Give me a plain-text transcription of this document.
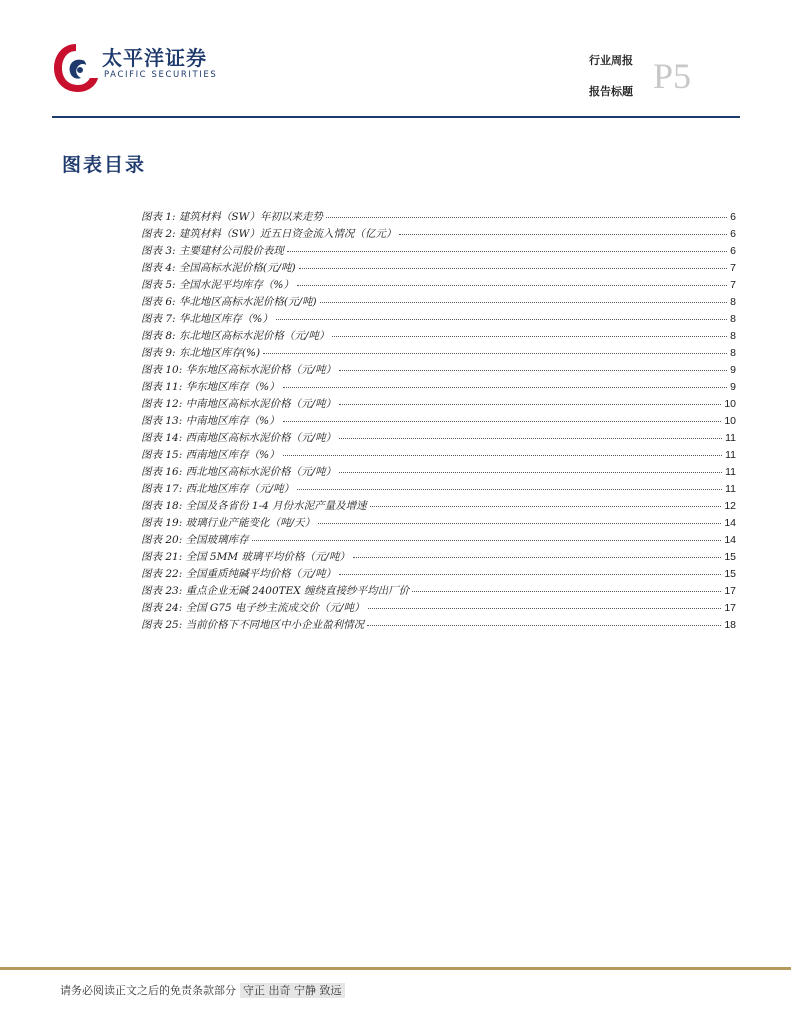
太平洋证券
PACIFIC SECURITIES
行业周报
报告标题 P5
图表目录
图表 1: 建筑材料（SW）年初以来走势	6
图表 2: 建筑材料（SW）近五日资金流入情况（亿元）	6
图表 3: 主要建材公司股价表现	6
图表 4: 全国高标水泥价格(元/吨)	7
图表 5: 全国水泥平均库存（%）	7
图表 6: 华北地区高标水泥价格(元/吨)	8
图表 7: 华北地区库存（%）	8
图表 8: 东北地区高标水泥价格（元/吨）	8
图表 9: 东北地区库存(%)	8
图表 10: 华东地区高标水泥价格（元/吨）	9
图表 11: 华东地区库存（%）	9
图表 12: 中南地区高标水泥价格（元/吨）	10
图表 13: 中南地区库存（%）	10
图表 14: 西南地区高标水泥价格（元/吨）	11
图表 15: 西南地区库存（%）	11
图表 16: 西北地区高标水泥价格（元/吨）	11
图表 17: 西北地区库存（元/吨）	11
图表 18: 全国及各省份 1-4 月份水泥产量及增速	12
图表 19: 玻璃行业产能变化（吨/天）	14
图表 20: 全国玻璃库存	14
图表 21: 全国 5MM 玻璃平均价格（元/吨）	15
图表 22: 全国重质纯碱平均价格（元/吨）	15
图表 23: 重点企业无碱 2400TEX 缠绕直接纱平均出厂价	17
图表 24: 全国 G75 电子纱主流成交价（元/吨）	17
图表 25: 当前价格下不同地区中小企业盈利情况	18
请务必阅读正文之后的免责条款部分 守正 出奇 宁静 致远
